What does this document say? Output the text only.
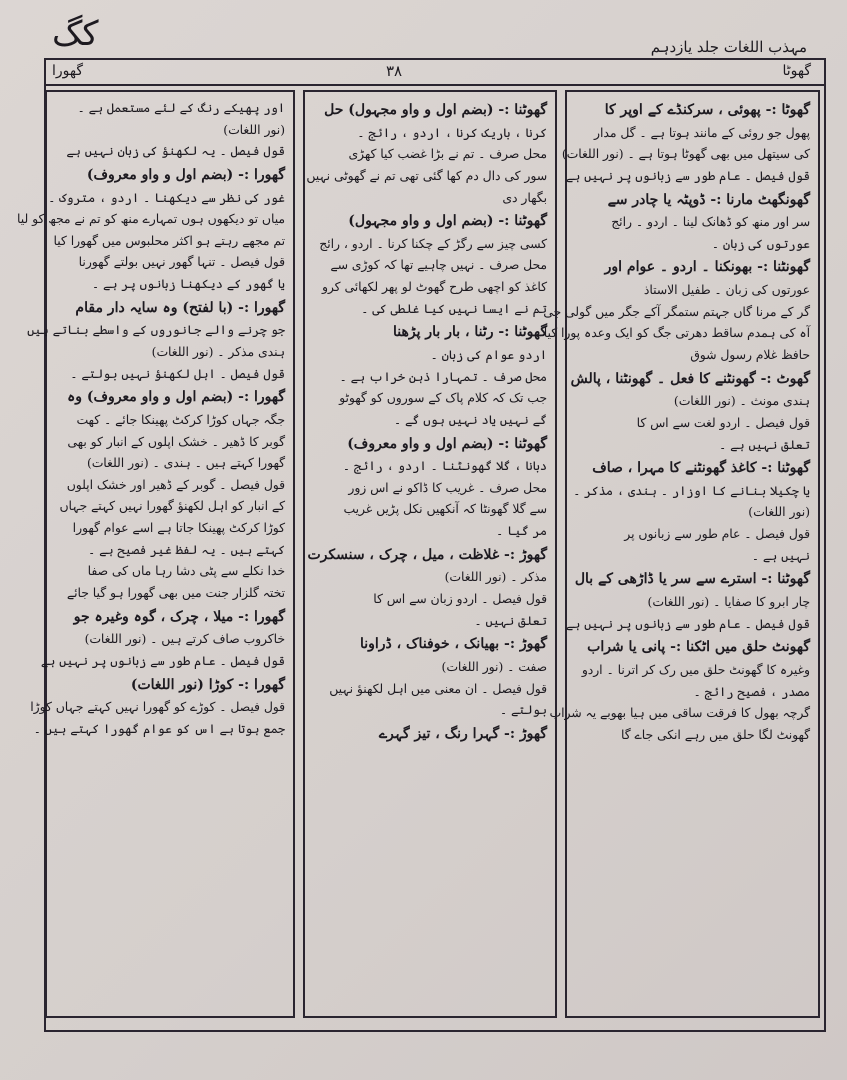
کگ	مہذب اللغات جلد یازدہم
گھورا	گھوٹا
۳۸
گھوٹا :- پھوئی ، سرکنڈے کے اوپر کا
پھول جو روئی کے مانند ہوتا ہے ۔ گل مدار
کی سیتھل میں بھی گھوٹا ہوتا ہے ۔ (نور اللغات)
قول فیصل ۔ عام طور سے زبانوں پر نہیں ہے
گھونگھٹ مارنا :- ڈوپٹہ یا چادر سے
سر اور منھ کو ڈھانک لینا ۔ اردو ۔ رائج
عورتوں کی زبان ۔
گھونٹنا :- بھونکنا ۔ اردو ۔ عوام اور
عورتوں کی زبان ۔ طفیل الاستاذ
گر کے مرنا گاں جہتم ستمگر آکے جگر میں گولی جی
آہ کی ہمدم ساقط دھرتی جگ کو ایک وعدہ پورا کیا
حافظ غلام رسول شوق
گھوٹ :- گھونٹنے کا فعل ۔ گھونٹنا ، پالش
ہندی مونث ۔ (نور اللغات)
قول فیصل ۔ اردو لغت سے اس کا
تعلق نہیں ہے ۔
گھوٹنا :- کاغذ گھونٹنے کا مہرا ، صاف
یا چکیلا بنانے کا اوزار ۔ ہندی ، مذکر ۔
(نور اللغات)
قول فیصل ۔ عام طور سے زبانوں پر
نہیں ہے ۔
گھوٹنا :- استرے سے سر یا ڈاڑھی کے بال
چار ابرو کا صفایا ۔ (نور اللغات)
قول فیصل ۔ عام طور سے زبانوں پر نہیں ہے
گھونٹ حلق میں اٹکنا :- پانی یا شراب
وغیرہ کا گھونٹ حلق میں رک کر اترنا ۔ اردو
مصدر ، فصیح رائج ۔
گرچہ بھول کا فرقت ساقی میں ہیا بھوبے یہ شراب
گھونٹ لگا حلق میں رہے انکی جاے گا
گھوٹنا :- (بضم اول و واو مجہول) حل
کرنا ، باریک کرنا ، اردو ، رائج ۔
محل صرف ۔ تم نے بڑا غضب کیا کھڑی
سور کی دال دم کھا گئی تھی تم نے گھوٹی نہیں
بگھار دی
گھوٹنا :- (بضم اول و واو مجہول)
کسی چیز سے رگڑ کے چکنا کرنا ۔ اردو ، رائج
محل صرف ۔ نہیں چاہیے تھا کہ کوڑی سے
کاغذ کو اچھی طرح گھوٹ لو پھر لکھائی کرو
تم نے ایسا نہیں کیا غلطی کی ۔
گھوٹنا :- رٹنا ، بار بار پڑھنا
اردو عوام کی زبان ۔
محل صرف ۔ تمہارا ذہن خراب ہے ۔
جب تک کہ کلام پاک کے سوروں کو گھوٹو
گے نہیں یاد نہیں ہوں گے ۔
گھوٹنا :- (بضم اول و واو معروف)
دبانا ، گلا گھونٹنا ۔ اردو ، رائج ۔
محل صرف ۔ غریب کا ڈاکو نے اس زور
سے گلا گھونٹا کہ آنکھیں نکل پڑیں غریب
مر گیا ۔
گھوڑ :- غلاظت ، میل ، چرک ، سنسکرت
مذکر ۔ (نور اللغات)
قول فیصل ۔ اردو زبان سے اس کا
تعلق نہیں ۔
گھوڑ :- بھیانک ، خوفناک ، ڈراونا
صفت ۔ (نور اللغات)
قول فیصل ۔ ان معنی میں اہل لکھنؤ نہیں
بولتے ۔
گھوڑ :- گہرا رنگ ، تیز گہرے
اور پھیکے رنگ کے لئے مستعمل ہے ۔
(نور اللغات)
قول فیصل ۔ یہ لکھنؤ کی زبان نہیں ہے
گھورا :- (بضم اول و واو معروف)
غور کی نظر سے دیکھنا ۔ اردو ، متروک ۔
میاں تو دیکھوں ہوں تمہارے منھ کو تم نے مجھ کو لیا
تم مجھے رہتے ہو اکثر محلبوس میں گھورا کیا
قول فیصل ۔ تنہا گھور نہیں بولتے گھورنا
یا گھور کے دیکھنا زبانوں پر ہے ۔
گھورا :- (با لفتح) وہ سایہ دار مقام
جو چرنے والے جانوروں کے واسطے بناتے ہیں
ہندی مذکر ۔ (نور اللغات)
قول فیصل ۔ اہل لکھنؤ نہیں بولتے ۔
گھورا :- (بضم اول و واو معروف) وہ
جگہ جہاں کوڑا کرکٹ پھینکا جائے ۔ کھت
گوبر کا ڈھیر ۔ خشک اپلوں کے انبار کو بھی
گھورا کہتے ہیں ۔ ہندی ۔ (نور اللغات)
قول فیصل ۔ گوبر کے ڈھیر اور خشک اپلوں
کے انبار کو اہل لکھنؤ گھورا نہیں کہتے جہاں
کوڑا کرکٹ پھینکا جاتا ہے اسے عوام گھورا
کہتے ہیں ۔ یہ لفظ غیر فصیح ہے ۔
خدا نکلے سے پٹی دشا رہا ماں کی صفا
تختہ گلزار جنت میں بھی گھورا ہو گیا جائے
گھورا :- میلا ، چرک ، گوہ وغیرہ جو
خاکروب صاف کرتے ہیں ۔ (نور اللغات)
قول فیصل ۔ عام طور سے زبانوں پر نہیں ہے
گھورا :- کوڑا (نور اللغات)
قول فیصل ۔ کوڑے کو گھورا نہیں کہتے جہاں کوڑا
جمع ہوتا ہے اس کو عوام گھورا کہتے ہیں ۔
